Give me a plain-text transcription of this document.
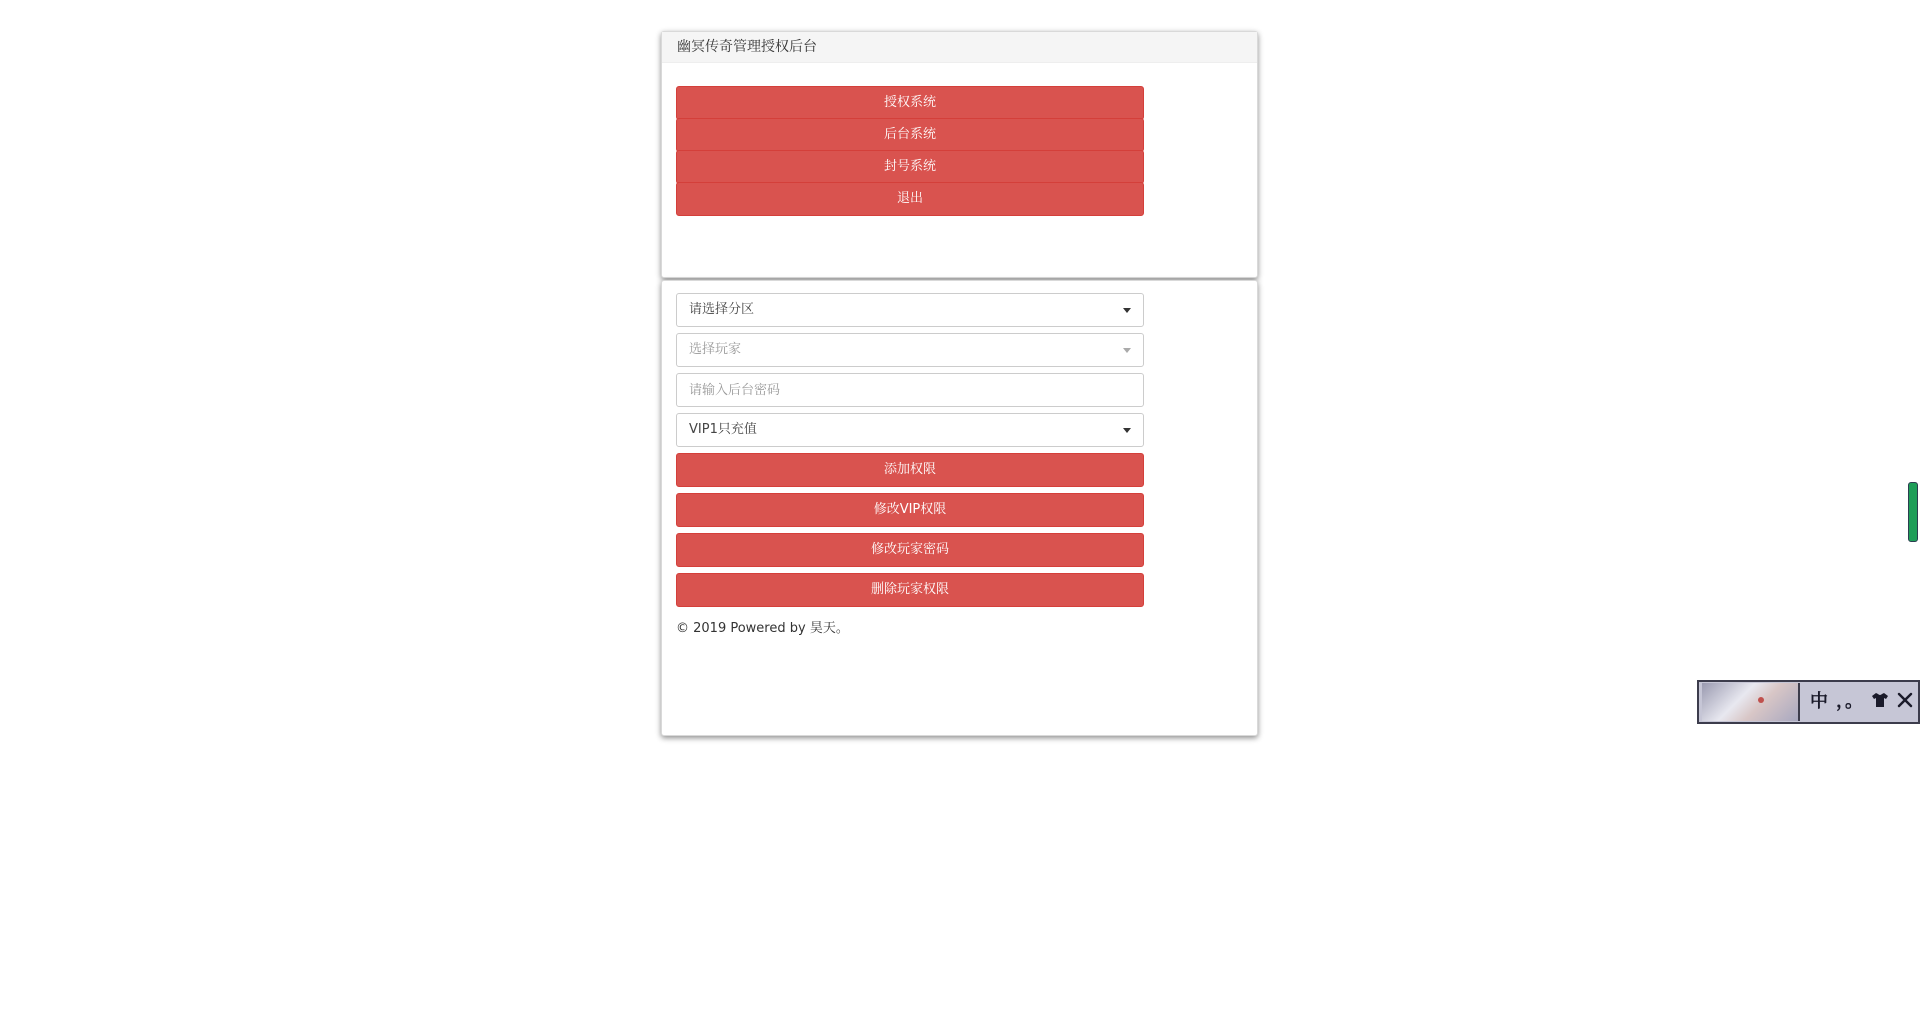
幽冥传奇管理授权后台
授权系统
后台系统
封号系统
退出
请选择分区
选择玩家
请输入后台密码
VIP1只充值
添加权限
修改VIP权限
修改玩家密码
删除玩家权限
© 2019 Powered by 昊天。
中 ，。
